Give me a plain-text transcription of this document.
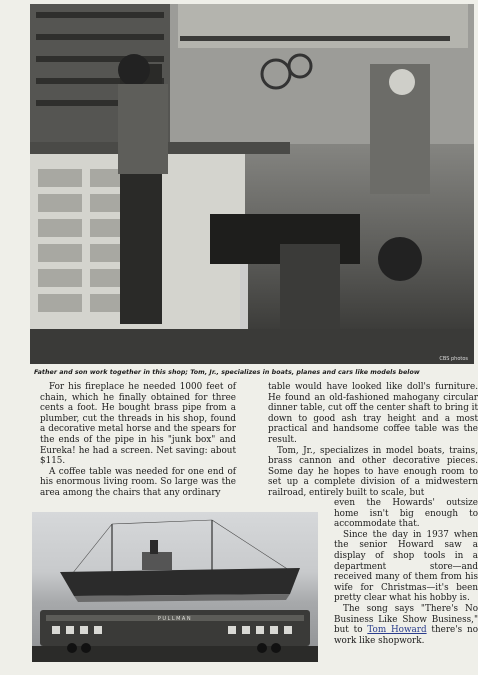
CBS photos
Father and son work together in this shop; Tom, Jr., specializes in boats, planes and cars like models below

For his fireplace he needed 1000 feet of chain, which he finally obtained for three cents a foot. He bought brass pipe from a plumber, cut the threads in his shop, found a decorative metal horse and the spears for the ends of the pipe in his "junk box" and Eureka! he had a screen. Net saving: about $115.

A coffee table was needed for one end of his enormous living room. So large was the area among the chairs that any ordinary

table would have looked like doll's furniture. He found an old-fashioned mahogany circular dinner table, cut off the center shaft to bring it down to good ash tray height and a most practical and handsome coffee table was the result.

Tom, Jr., specializes in model boats, trains, brass cannon and other decorative pieces. Some day he hopes to have enough room to set up a complete division of a midwestern railroad, entirely built to scale, but

even the Howards' outsize home isn't big enough to accommodate that.

Since the day in 1937 when the senior Howard saw a display of shop tools in a department store—and received many of them from his wife for Christmas—it's been pretty clear what his hobby is.

The song says "There's No Business Like Show Business," but to Tom Howard there's no work like shopwork.

PULLMAN
